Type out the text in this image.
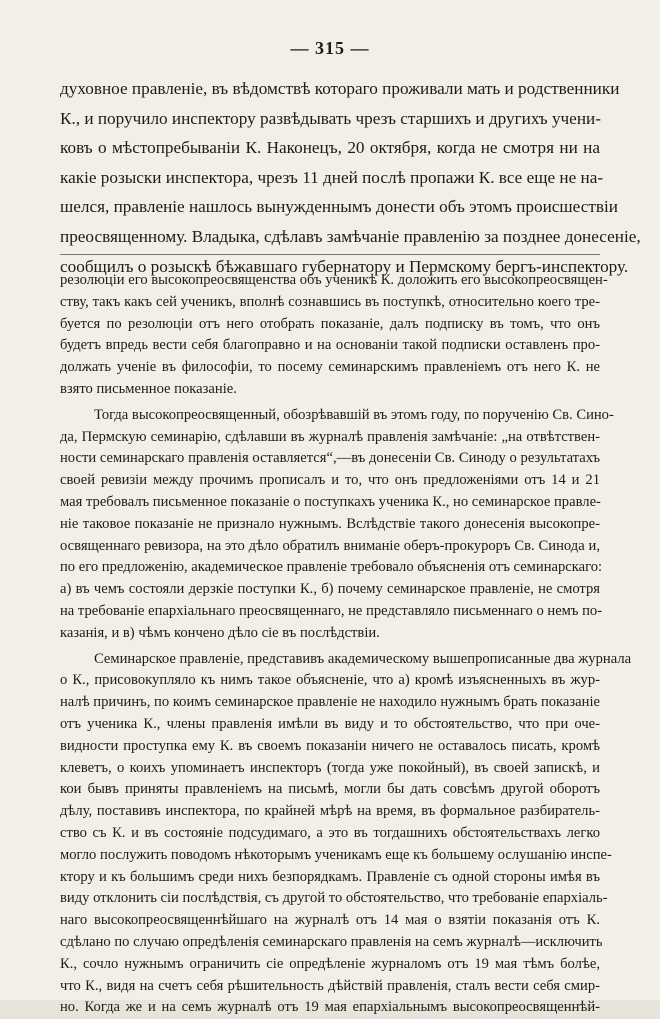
— 315 —
духовное правленіе, въ вѣдомствѣ котораго проживали мать и родственники
К., и поручило инспектору развѣдывать чрезъ старшихъ и другихъ учени-
ковъ о мѣстопребываніи К. Наконецъ, 20 октября, когда не смотря ни на
какіе розыски инспектора, чрезъ 11 дней послѣ пропажи К. все еще не на-
шелся, правленіе нашлось вынужденнымъ донести объ этомъ происшествіи
преосвященному. Владыка, сдѣлавъ замѣчаніе правленію за позднее донесеніе,
сообщилъ о розыскѣ бѣжавшаго губернатору и Пермскому бергъ-инспектору.
резолюціи его высокопреосвященства объ ученикѣ К. доложить его высокопреосвящен-
ству, такъ какъ сей ученикъ, вполнѣ сознавшись въ поступкѣ, относительно коего тре-
буется по резолюціи отъ него отобрать показаніе, далъ подписку въ томъ, что онъ
будетъ впредь вести себя благоправно и на основаніи такой подписки оставленъ про-
должать ученіе въ философіи, то посему семинарскимъ правленіемъ отъ него К. не
взято письменное показаніе.
Тогда высокопреосвященный, обозрѣвавшій въ этомъ году, по порученію Св. Сино-
да, Пермскую семинарію, сдѣлавши въ журналѣ правленія замѣчаніе: „на отвѣтствен-
ности семинарскаго правленія оставляется“,—въ донесеніи Св. Синоду о результатахъ
своей ревизіи между прочимъ прописалъ и то, что онъ предложеніями отъ 14 и 21
мая требовалъ письменное показаніе о поступкахъ ученика К., но семинарское правле-
ніе таковое показаніе не признало нужнымъ. Вслѣдствіе такого донесенія высокопре-
освященнаго ревизора, на это дѣло обратилъ вниманіе оберъ-прокуроръ Св. Синода и,
по его предложенію, академическое правленіе требовало объясненія отъ семинарскаго:
а) въ чемъ состояли дерзкіе поступки К., б) почему семинарское правленіе, не смотря
на требованіе епархіальнаго преосвященнаго, не представляло письменнаго о немъ по-
казанія, и в) чѣмъ кончено дѣло сіе въ послѣдствіи.
Семинарское правленіе, представивъ академическому вышепрописанные два журнала
о К., присовокупляло къ нимъ такое объясненіе, что а) кромѣ изъясненныхъ въ жур-
налѣ причинъ, по коимъ семинарское правленіе не находило нужнымъ брать показаніе
отъ ученика К., члены правленія имѣли въ виду и то обстоятельство, что при оче-
видности проступка ему К. въ своемъ показаніи ничего не оставалось писать, кромѣ
клеветъ, о коихъ упоминаетъ инспекторъ (тогда уже покойный), въ своей запискѣ, и
кои бывъ приняты правленіемъ на письмѣ, могли бы дать совсѣмъ другой оборотъ
дѣлу, поставивъ инспектора, по крайней мѣрѣ на время, въ формальное разбиратель-
ство съ К. и въ состояніе подсудимаго, а это въ тогдашнихъ обстоятельствахъ легко
могло послужить поводомъ нѣкоторымъ ученикамъ еще къ большему ослушанію инспе-
ктору и къ большимъ среди нихъ безпорядкамъ. Правленіе съ одной стороны имѣя въ
виду отклонить сіи послѣдствія, съ другой то обстоятельство, что требованіе епархіаль-
наго высокопреосвященнѣйшаго на журналѣ отъ 14 мая о взятіи показанія отъ К.
сдѣлано по случаю опредѣленія семинарскаго правленія на семъ журналѣ—исключить
К., сочло нужнымъ ограничить сіе опредѣленіе журналомъ отъ 19 мая тѣмъ болѣе,
что К., видя на счетъ себя рѣшительность дѣйствій правленія, сталъ вести себя смир-
но. Когда же и на семъ журналѣ отъ 19 мая епархіальнымъ высокопреосвященнѣй-
